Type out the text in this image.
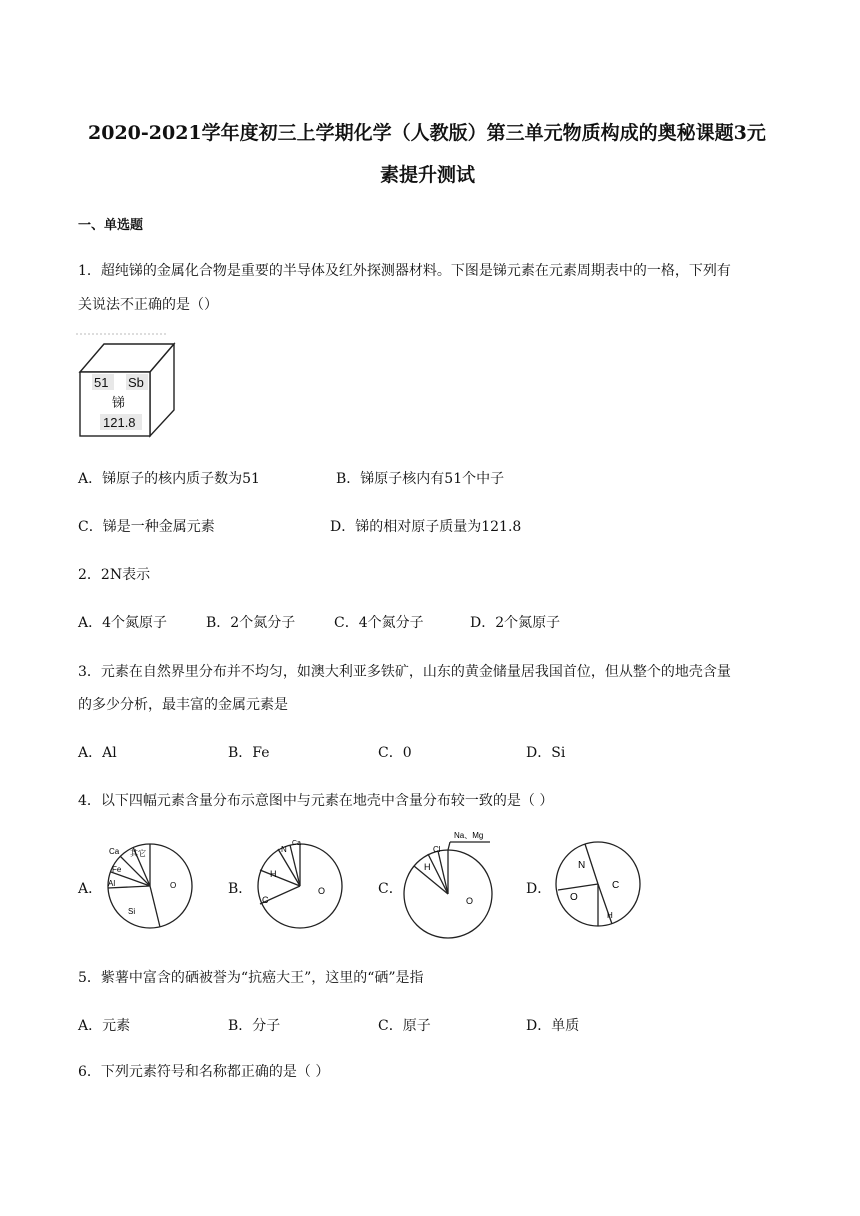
2020-2021学年度初三上学期化学（人教版）第三单元物质构成的奥秘课题3元
素提升测试
一、单选题
1．超纯锑的金属化合物是重要的半导体及红外探测器材料。下图是锑元素在元素周期表中的一格，下列有
关说法不正确的是（）
51 Sb
锑
121.8
A．锑原子的核内质子数为51	B．锑原子核内有51个中子
C．锑是一种金属元素	D．锑的相对原子质量为121.8
2．2N表示
A．4个氮原子	B．2个氮分子	C．4个氮分子	D．2个氮原子
3．元素在自然界里分布并不均匀，如澳大利亚多铁矿，山东的黄金储量居我国首位，但从整个的地壳含量
的多少分析，最丰富的金属元素是
A．Al	B．Fe	C．0	D．Si
4．以下四幅元素含量分布示意图中与元素在地壳中含量分布较一致的是（ ）
A．	O
Si
Al
Fe
Ca 其它
B．	O
C
H
N
Ca
C．
O
H
Cl
Na、Mg
D．
N
O
C
H
5．紫薯中富含的硒被誉为“抗癌大王”，这里的“硒”是指
A．元素	B．分子	C．原子	D．单质
6．下列元素符号和名称都正确的是（ ）
